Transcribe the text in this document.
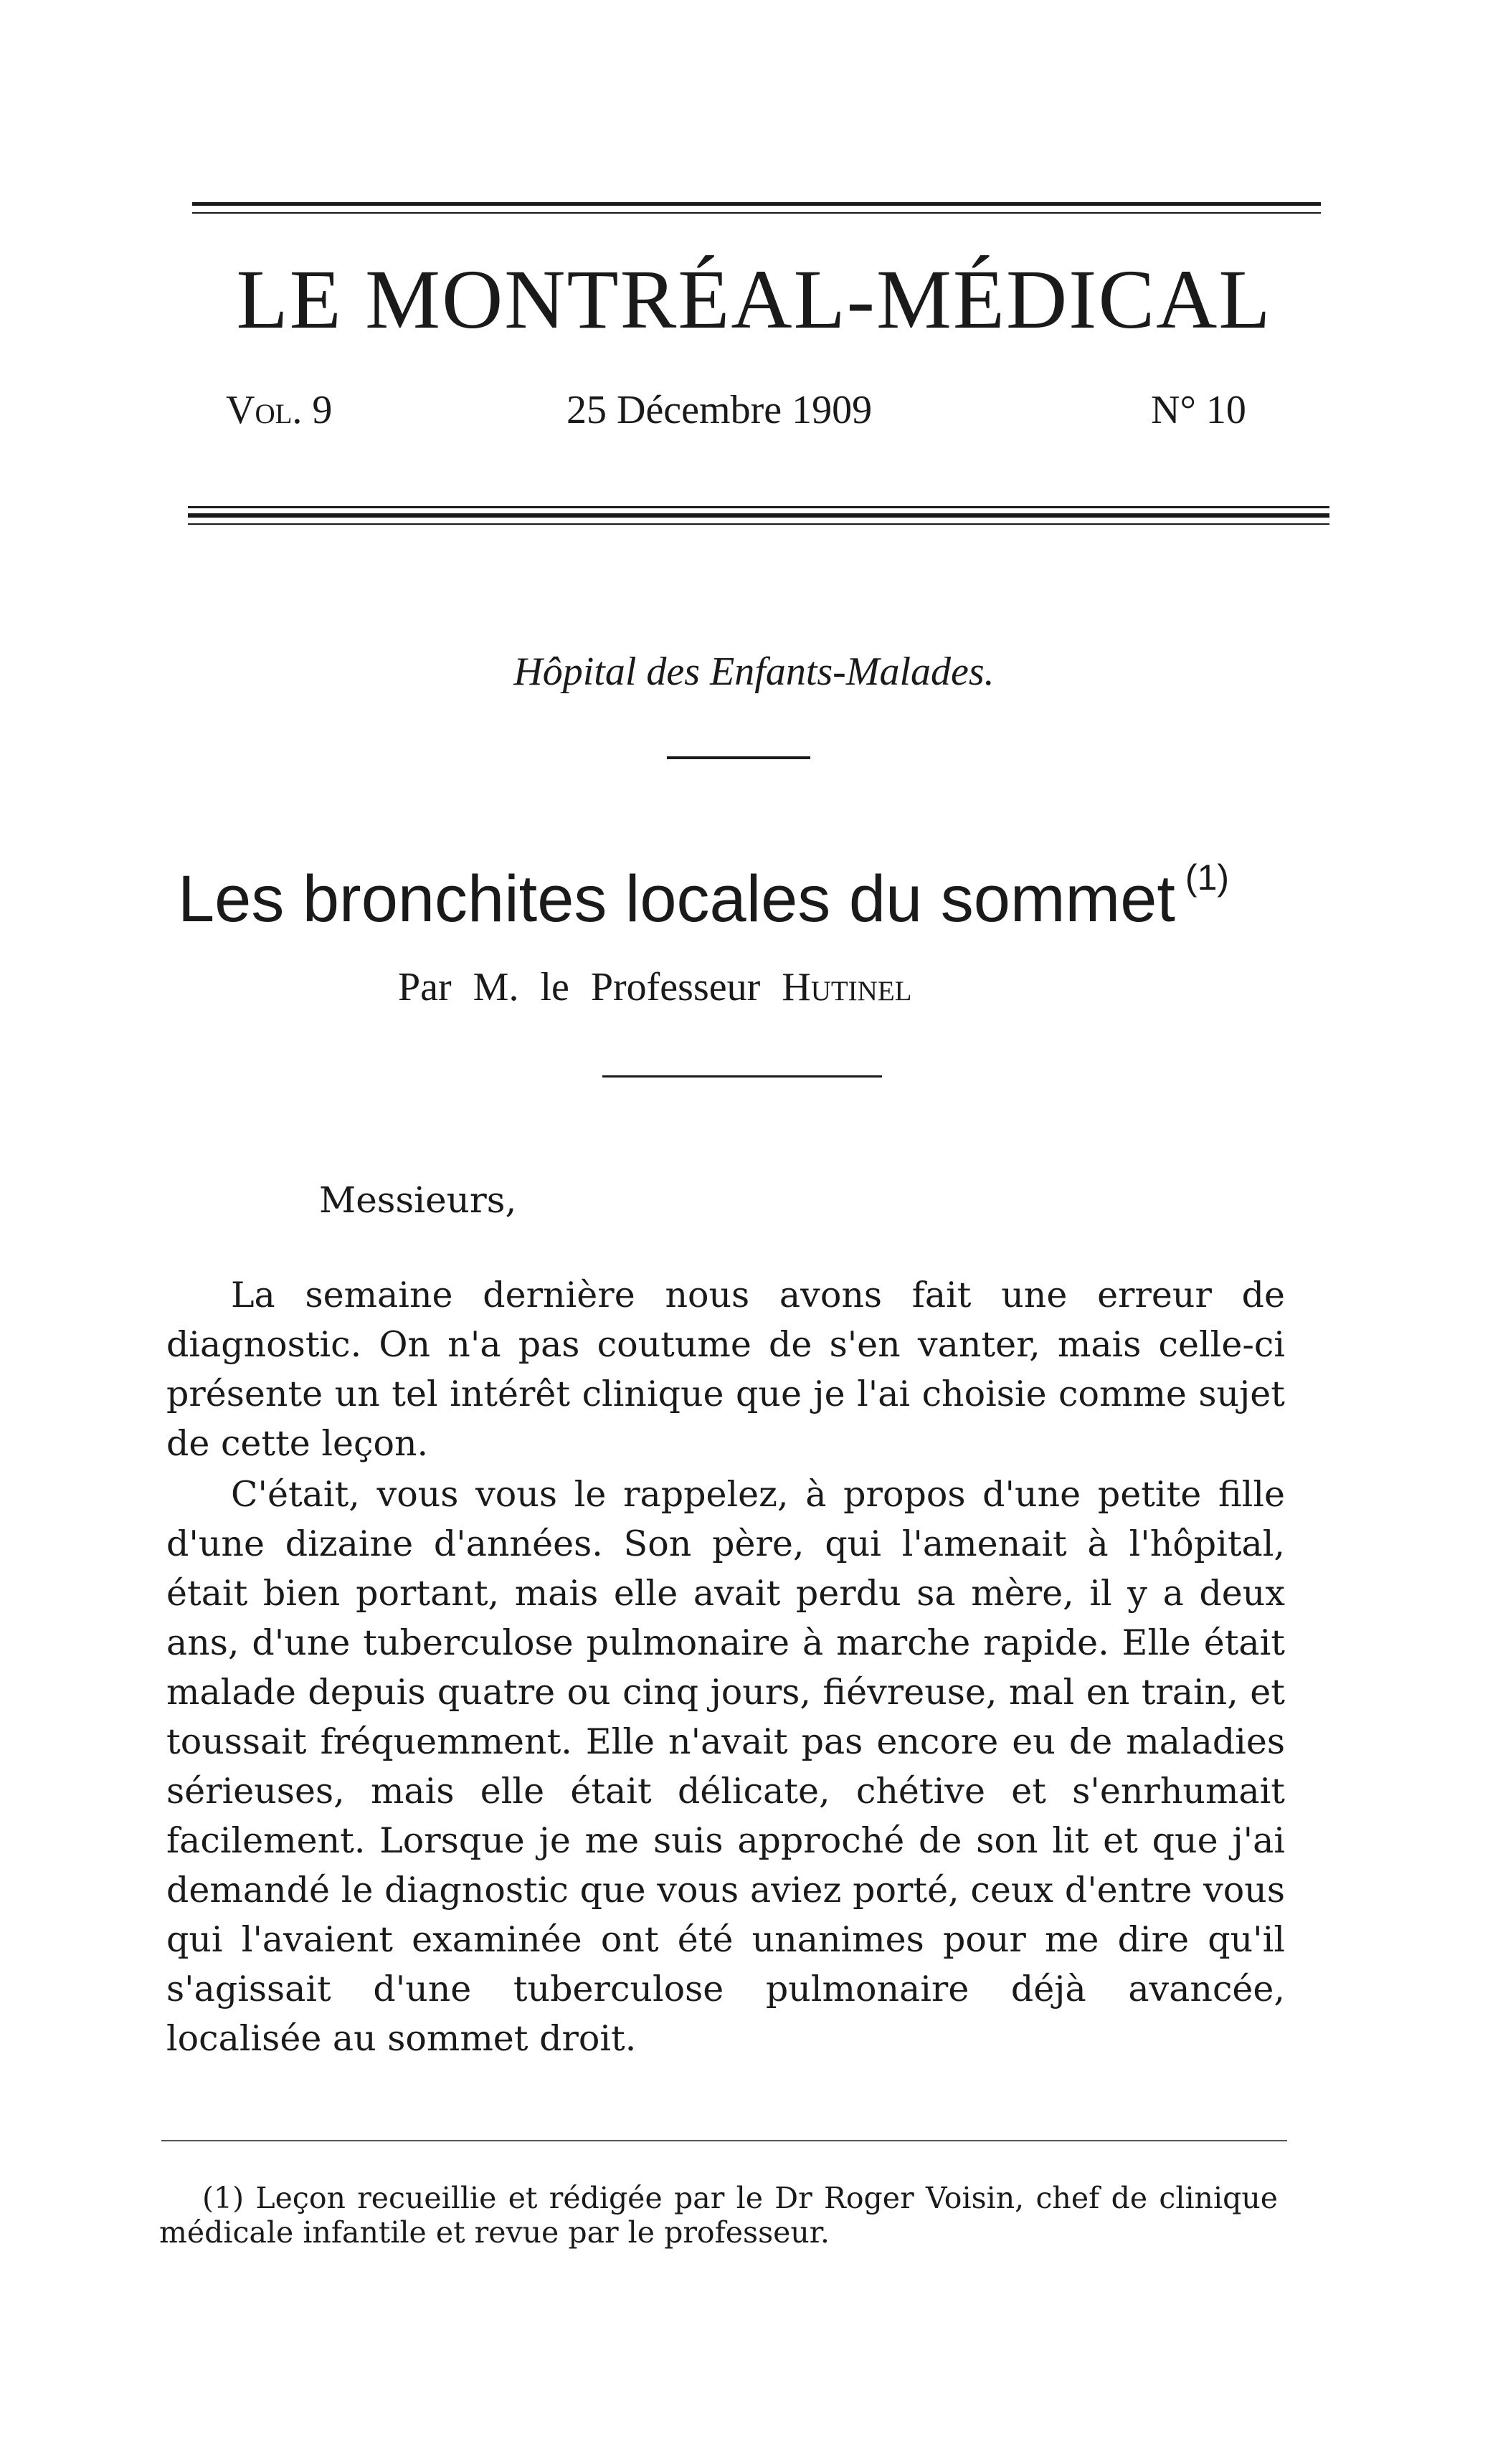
LE MONTRÉAL-MÉDICAL
Vol. 9	25 Décembre 1909	N° 10
Hôpital des Enfants-Malades.
Les bronchites locales du sommet $^{(1)}$
Par M. le Professeur Hutinel
Messieurs,

La semaine dernière nous avons fait une erreur de diagnostic. On n'a pas coutume de s'en vanter, mais celle-ci présente un tel intérêt clinique que je l'ai choisie comme sujet de cette leçon.

C'était, vous vous le rappelez, à propos d'une petite fille d'une dizaine d'années. Son père, qui l'amenait à l'hôpital, était bien portant, mais elle avait perdu sa mère, il y a deux ans, d'une tuberculose pulmonaire à marche rapide. Elle était malade depuis quatre ou cinq jours, fiévreuse, mal en train, et toussait fréquemment. Elle n'avait pas encore eu de maladies sérieuses, mais elle était délicate, chétive et s'enrhumait facilement. Lorsque je me suis approché de son lit et que j'ai demandé le diagnostic que vous aviez porté, ceux d'entre vous qui l'avaient examinée ont été unanimes pour me dire qu'il s'agissait d'une tuberculose pulmonaire déjà avancée, localisée au sommet droit.

(1) Leçon recueillie et rédigée par le Dr Roger Voisin, chef de clinique médicale infantile et revue par le professeur.
